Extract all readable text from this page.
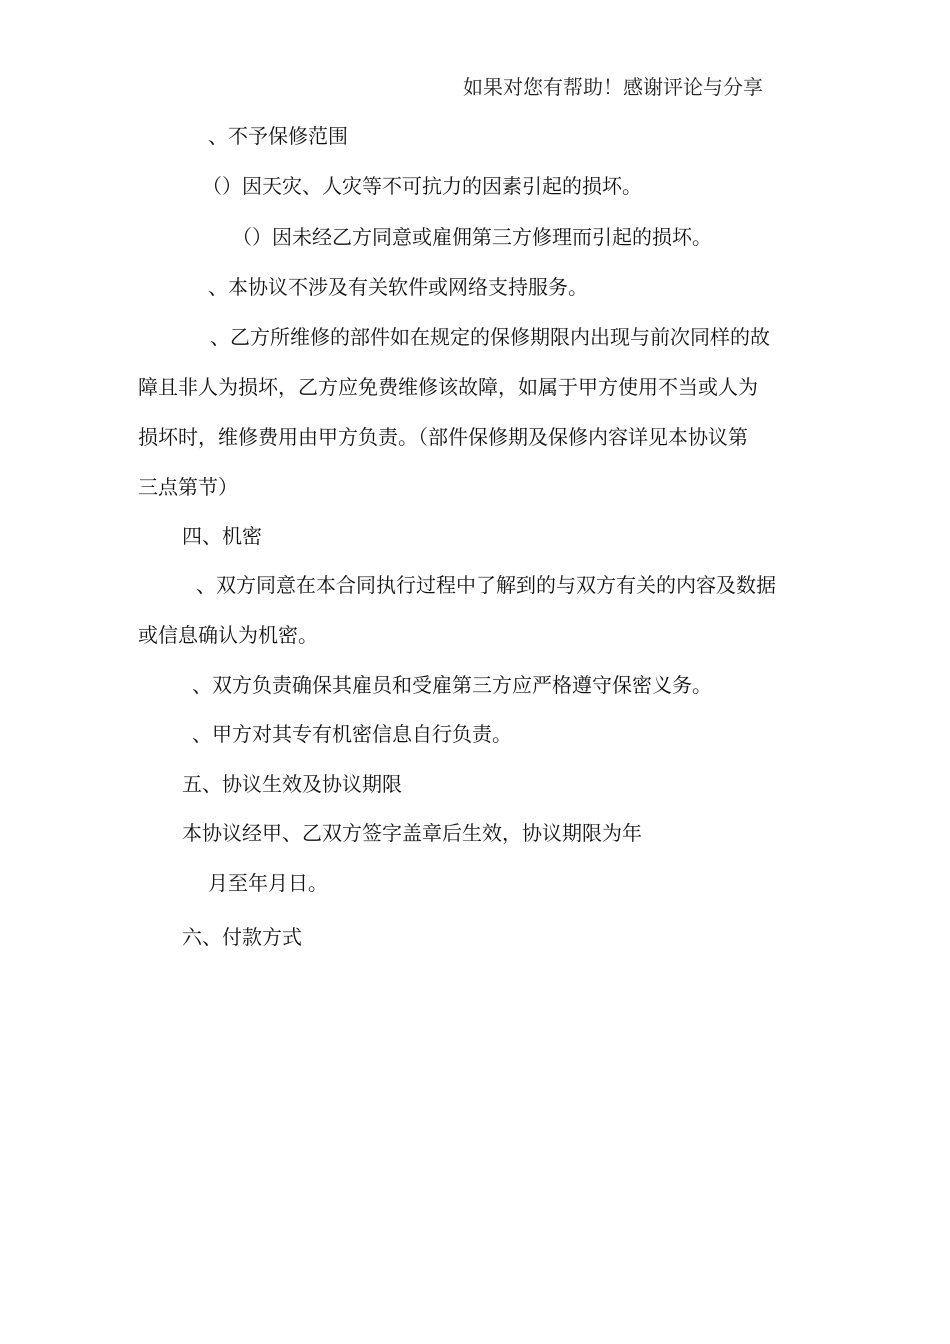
如果对您有帮助！感谢评论与分享
、不予保修范围
（）因天灾、人灾等不可抗力的因素引起的损坏。
（）因未经乙方同意或雇佣第三方修理而引起的损坏。
、本协议不涉及有关软件或网络支持服务。
、乙方所维修的部件如在规定的保修期限内出现与前次同样的故
障且非人为损坏，乙方应免费维修该故障，如属于甲方使用不当或人为
损坏时，维修费用由甲方负责。（部件保修期及保修内容详见本协议第
三点第节）
四、机密
、双方同意在本合同执行过程中了解到的与双方有关的内容及数据
或信息确认为机密。
、双方负责确保其雇员和受雇第三方应严格遵守保密义务。
、甲方对其专有机密信息自行负责。
五、协议生效及协议期限
本协议经甲、乙双方签字盖章后生效，协议期限为年
月至年月日。
六、付款方式
